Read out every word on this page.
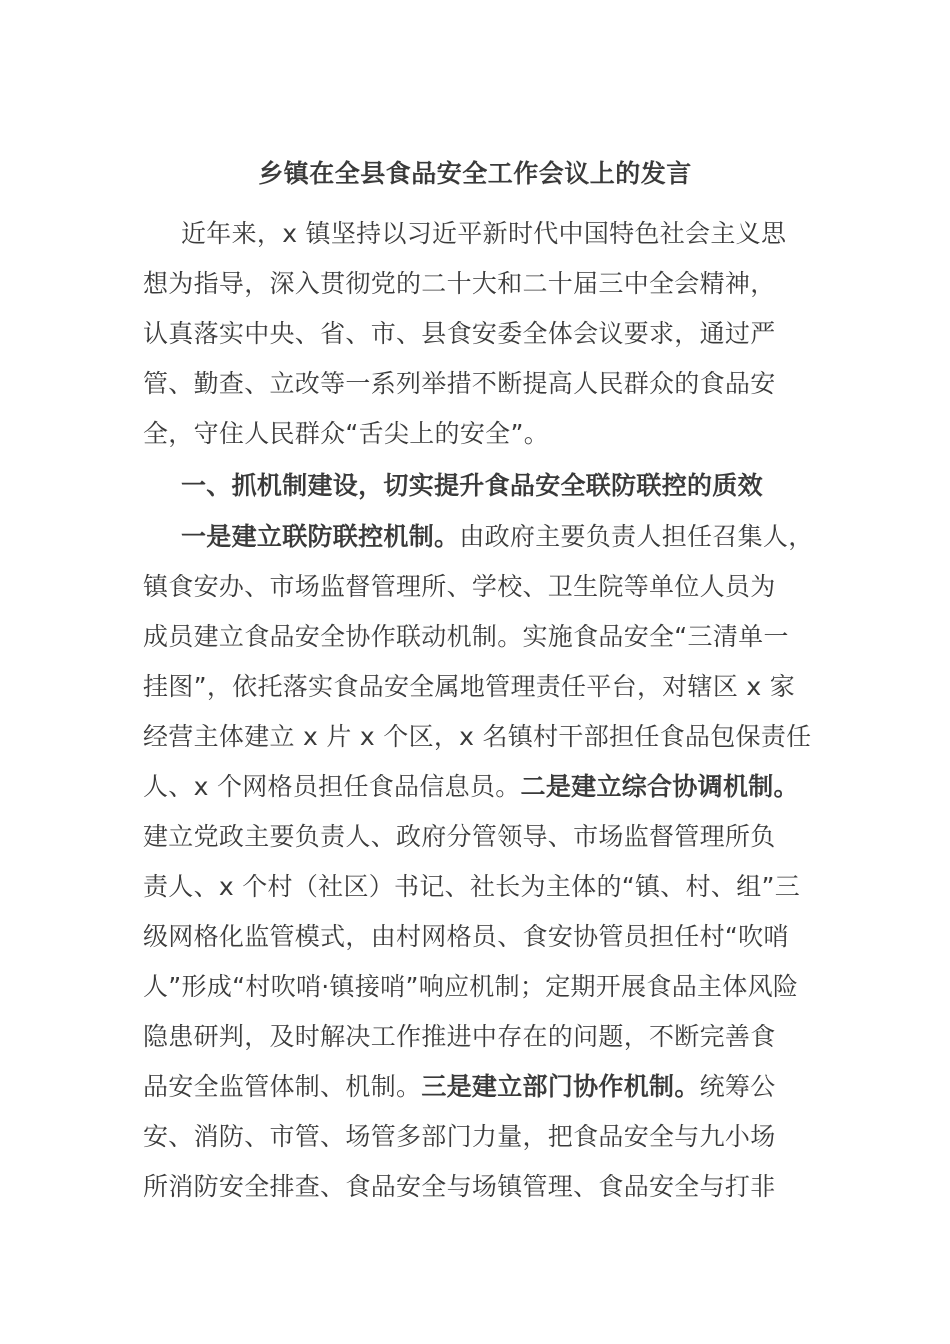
乡镇在全县食品安全工作会议上的发言
近年来，x 镇坚持以习近平新时代中国特色社会主义思
想为指导，深入贯彻党的二十大和二十届三中全会精神，
认真落实中央、省、市、县食安委全体会议要求，通过严
管、勤查、立改等一系列举措不断提高人民群众的食品安
全，守住人民群众“舌尖上的安全”。
一、抓机制建设，切实提升食品安全联防联控的质效
一是建立联防联控机制。由政府主要负责人担任召集人，
镇食安办、市场监督管理所、学校、卫生院等单位人员为
成员建立食品安全协作联动机制。实施食品安全“三清单一
挂图”，依托落实食品安全属地管理责任平台，对辖区 x 家
经营主体建立 x 片 x 个区，x 名镇村干部担任食品包保责任
人、x 个网格员担任食品信息员。二是建立综合协调机制。
建立党政主要负责人、政府分管领导、市场监督管理所负
责人、x 个村（社区）书记、社长为主体的“镇、村、组”三
级网格化监管模式，由村网格员、食安协管员担任村“吹哨
人”形成“村吹哨·镇接哨”响应机制；定期开展食品主体风险
隐患研判，及时解决工作推进中存在的问题，不断完善食
品安全监管体制、机制。三是建立部门协作机制。统筹公
安、消防、市管、场管多部门力量，把食品安全与九小场
所消防安全排查、食品安全与场镇管理、食品安全与打非
